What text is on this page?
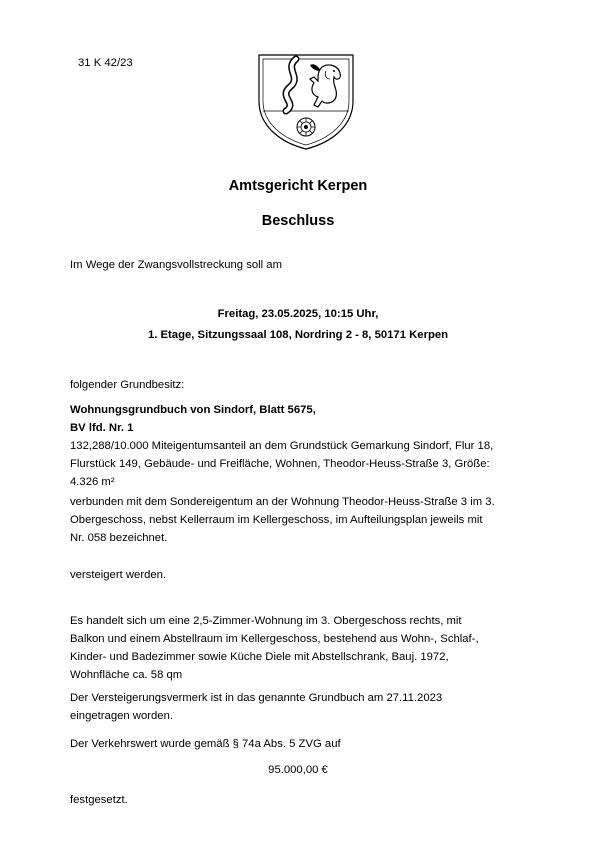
31 K 42/23
Amtsgericht Kerpen
Beschluss
Im Wege der Zwangsvollstreckung soll am
Freitag, 23.05.2025, 10:15 Uhr,
1. Etage, Sitzungssaal 108, Nordring 2 - 8, 50171 Kerpen
folgender Grundbesitz:
Wohnungsgrundbuch von Sindorf, Blatt 5675,
BV lfd. Nr. 1
132,288/10.000 Miteigentumsanteil an dem Grundstück Gemarkung Sindorf, Flur 18,
Flurstück 149, Gebäude- und Freifläche, Wohnen, Theodor-Heuss-Straße 3, Größe:
4.326 m²
verbunden mit dem Sondereigentum an der Wohnung Theodor-Heuss-Straße 3 im 3.
Obergeschoss, nebst Kellerraum im Kellergeschoss, im Aufteilungsplan jeweils mit
Nr. 058 bezeichnet.
versteigert werden.
Es handelt sich um eine 2,5-Zimmer-Wohnung im 3. Obergeschoss rechts, mit
Balkon und einem Abstellraum im Kellergeschoss, bestehend aus Wohn-, Schlaf-,
Kinder- und Badezimmer sowie Küche Diele mit Abstellschrank, Bauj. 1972,
Wohnfläche ca. 58 qm
Der Versteigerungsvermerk ist in das genannte Grundbuch am 27.11.2023
eingetragen worden.
Der Verkehrswert wurde gemäß § 74a Abs. 5 ZVG auf
95.000,00 €
festgesetzt.
